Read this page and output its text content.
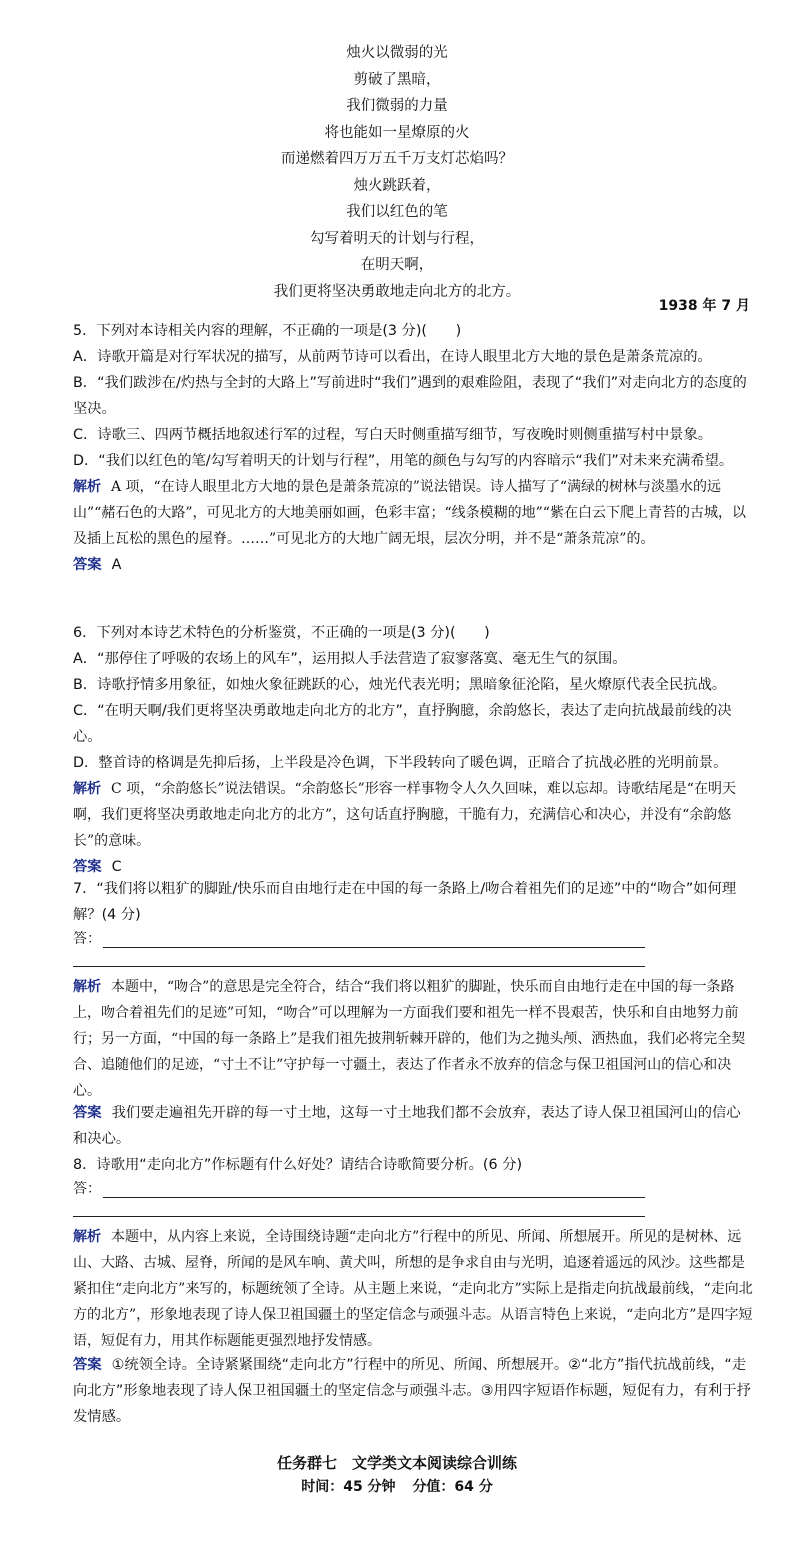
烛火以微弱的光
剪破了黑暗，
我们微弱的力量
将也能如一星燎原的火
而递燃着四万万五千万支灯芯焰吗？
烛火跳跃着，
我们以红色的笔
勾写着明天的计划与行程，
在明天啊，
我们更将坚决勇敢地走向北方的北方。
1938 年 7 月

5．下列对本诗相关内容的理解，不正确的一项是(3 分)(　　)

A．诗歌开篇是对行军状况的描写，从前两节诗可以看出，在诗人眼里北方大地的景色是萧条荒凉的。

B．“我们跋涉在/灼热与全封的大路上”写前进时“我们”遇到的艰难险阻，表现了“我们”对走向北方的态度的坚决。

C．诗歌三、四两节概括地叙述行军的过程，写白天时侧重描写细节，写夜晚时则侧重描写村中景象。

D．“我们以红色的笔/勾写着明天的计划与行程”，用笔的颜色与勾写的内容暗示“我们”对未来充满希望。

解析 A 项，“在诗人眼里北方大地的景色是萧条荒凉的”说法错误。诗人描写了“满绿的树林与淡墨水的远山”“赭石色的大路”，可见北方的大地美丽如画，色彩丰富；“线条模糊的地”“紫在白云下爬上青苔的古城，以及插上瓦松的黑色的屋脊。……”可见北方的大地广阔无垠，层次分明，并不是“萧条荒凉”的。

答案 A

6．下列对本诗艺术特色的分析鉴赏，不正确的一项是(3 分)(　　)

A．“那停住了呼吸的农场上的风车”，运用拟人手法营造了寂寥落寞、毫无生气的氛围。

B．诗歌抒情多用象征，如烛火象征跳跃的心，烛光代表光明；黑暗象征沦陷，星火燎原代表全民抗战。

C．“在明天啊/我们更将坚决勇敢地走向北方的北方”，直抒胸臆，余韵悠长，表达了走向抗战最前线的决心。

D．整首诗的格调是先抑后扬，上半段是冷色调，下半段转向了暖色调，正暗合了抗战必胜的光明前景。

解析 C 项，“余韵悠长”说法错误。“余韵悠长”形容一样事物令人久久回味，难以忘却。诗歌结尾是“在明天啊，我们更将坚决勇敢地走向北方的北方”，这句话直抒胸臆，干脆有力，充满信心和决心，并没有“余韵悠长”的意味。

答案 C

7．“我们将以粗犷的脚趾/快乐而自由地行走在中国的每一条路上/吻合着祖先们的足迹”中的“吻合”如何理解？(4 分)

答：

解析 本题中，“吻合”的意思是完全符合，结合“我们将以粗犷的脚趾，快乐而自由地行走在中国的每一条路上，吻合着祖先们的足迹”可知，“吻合”可以理解为一方面我们要和祖先一样不畏艰苦，快乐和自由地努力前行；另一方面，“中国的每一条路上”是我们祖先披荆斩棘开辟的，他们为之抛头颅、洒热血，我们必将完全契合、追随他们的足迹，“寸土不让”守护每一寸疆土，表达了作者永不放弃的信念与保卫祖国河山的信心和决心。

答案 我们要走遍祖先开辟的每一寸土地，这每一寸土地我们都不会放弃，表达了诗人保卫祖国河山的信心和决心。

8．诗歌用“走向北方”作标题有什么好处？请结合诗歌简要分析。(6 分)

答：

解析 本题中，从内容上来说，全诗围绕诗题“走向北方”行程中的所见、所闻、所想展开。所见的是树林、远山、大路、古城、屋脊，所闻的是风车响、黄犬叫，所想的是争求自由与光明，追逐着遥远的风沙。这些都是紧扣住“走向北方”来写的，标题统领了全诗。从主题上来说，“走向北方”实际上是指走向抗战最前线，“走向北方的北方”，形象地表现了诗人保卫祖国疆土的坚定信念与顽强斗志。从语言特色上来说，“走向北方”是四字短语，短促有力，用其作标题能更强烈地抒发情感。

答案 ①统领全诗。全诗紧紧围绕“走向北方”行程中的所见、所闻、所想展开。②“北方”指代抗战前线，“走向北方”形象地表现了诗人保卫祖国疆土的坚定信念与顽强斗志。③用四字短语作标题，短促有力，有利于抒发情感。

任务群七　文学类文本阅读综合训练
时间：45 分钟 分值：64 分
